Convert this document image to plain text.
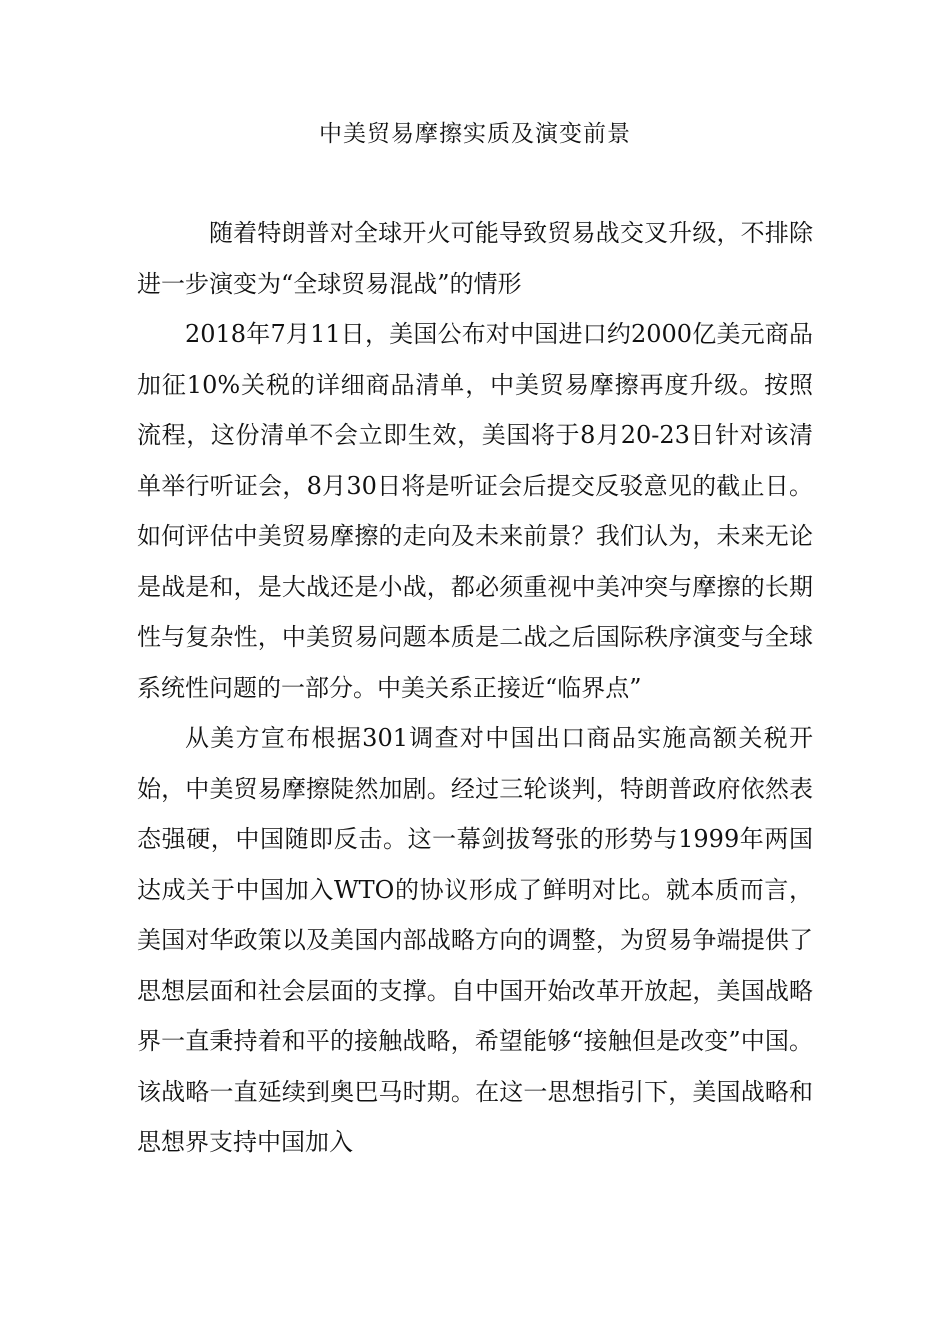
中美贸易摩擦实质及演变前景

随着特朗普对全球开火可能导致贸易战交叉升级，不排除进一步演变为“全球贸易混战”的情形

2018年7月11日，美国公布对中国进口约2000亿美元商品加征10%关税的详细商品清单，中美贸易摩擦再度升级。按照流程，这份清单不会立即生效，美国将于8月20-23日针对该清单举行听证会，8月30日将是听证会后提交反驳意见的截止日。如何评估中美贸易摩擦的走向及未来前景？我们认为，未来无论是战是和，是大战还是小战，都必须重视中美冲突与摩擦的长期性与复杂性，中美贸易问题本质是二战之后国际秩序演变与全球系统性问题的一部分。中美关系正接近“临界点”

从美方宣布根据301调查对中国出口商品实施高额关税开始，中美贸易摩擦陡然加剧。经过三轮谈判，特朗普政府依然表态强硬，中国随即反击。这一幕剑拔弩张的形势与1999年两国达成关于中国加入WTO的协议形成了鲜明对比。就本质而言，美国对华政策以及美国内部战略方向的调整，为贸易争端提供了思想层面和社会层面的支撑。自中国开始改革开放起，美国战略界一直秉持着和平的接触战略，希望能够“接触但是改变”中国。该战略一直延续到奥巴马时期。在这一思想指引下，美国战略和思想界支持中国加入
